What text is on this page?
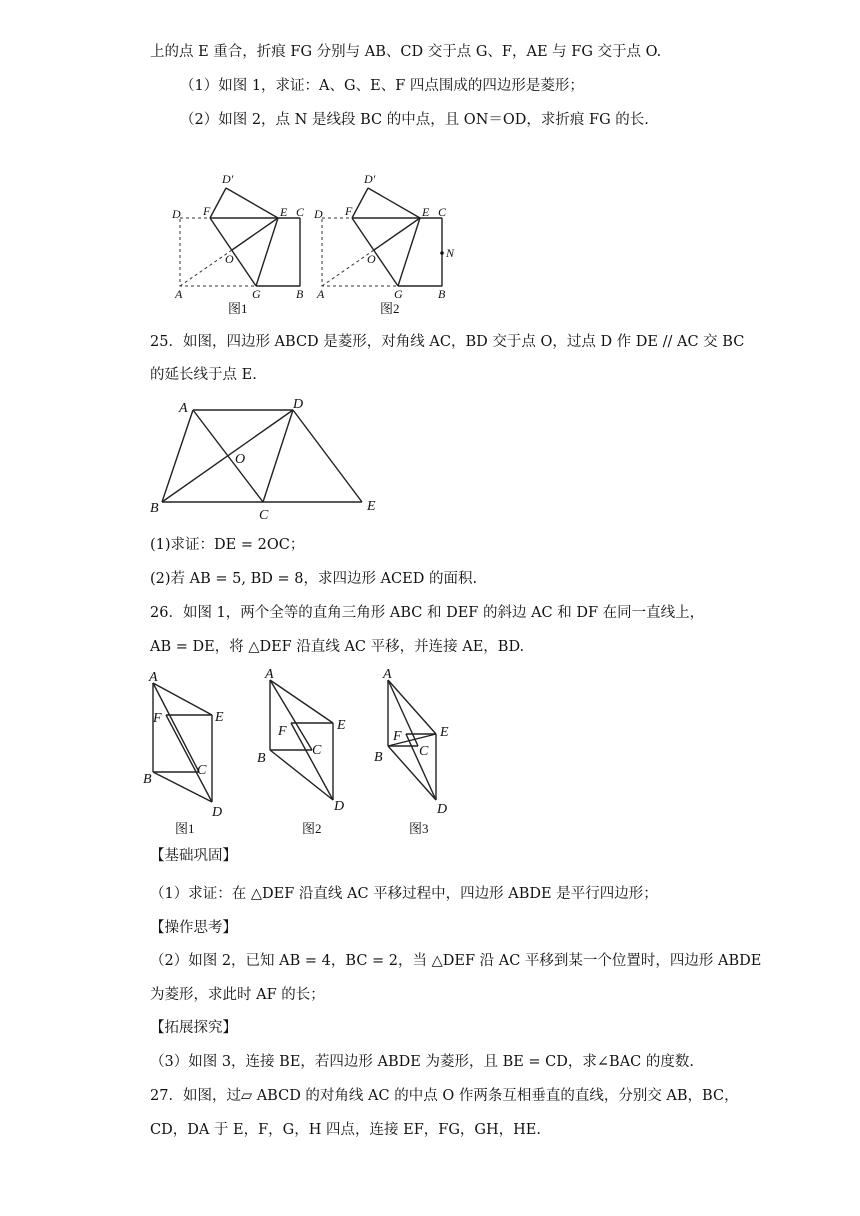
上的点 E 重合，折痕 FG 分别与 AB、CD 交于点 G、F，AE 与 FG 交于点 O.
（1）如图 1，求证：A、G、E、F 四点围成的四边形是菱形；
（2）如图 2，点 N 是线段 BC 的中点，且 ON＝OD，求折痕 FG 的长.
D′
D F	E C
O
A	G	B
图1
D′
D F	E C
O
A	G	B
N
图2
A	D
O
B	C
E
A
F	E
B
C
D
图1
A
F	E
B
C
D
图2
A
F	E
B	C
D
图3
25．如图，四边形 ABCD 是菱形，对角线 AC，BD 交于点 O，过点 D 作 DE // AC 交 BC
的延长线于点 E.
(1)求证：DE = 2OC；
(2)若 AB = 5, BD = 8，求四边形 ACED 的面积.
26．如图 1，两个全等的直角三角形 ABC 和 DEF 的斜边 AC 和 DF 在同一直线上，
AB = DE，将 △DEF 沿直线 AC 平移，并连接 AE，BD.
【基础巩固】
（1）求证：在 △DEF 沿直线 AC 平移过程中，四边形 ABDE 是平行四边形；
【操作思考】
（2）如图 2，已知 AB = 4，BC = 2，当 △DEF 沿 AC 平移到某一个位置时，四边形 ABDE
为菱形，求此时 AF 的长；
【拓展探究】
（3）如图 3，连接 BE，若四边形 ABDE 为菱形，且 BE = CD，求∠BAC 的度数.
27．如图，过▱ ABCD 的对角线 AC 的中点 O 作两条互相垂直的直线，分别交 AB，BC，
CD，DA 于 E，F，G，H 四点，连接 EF，FG，GH，HE.
